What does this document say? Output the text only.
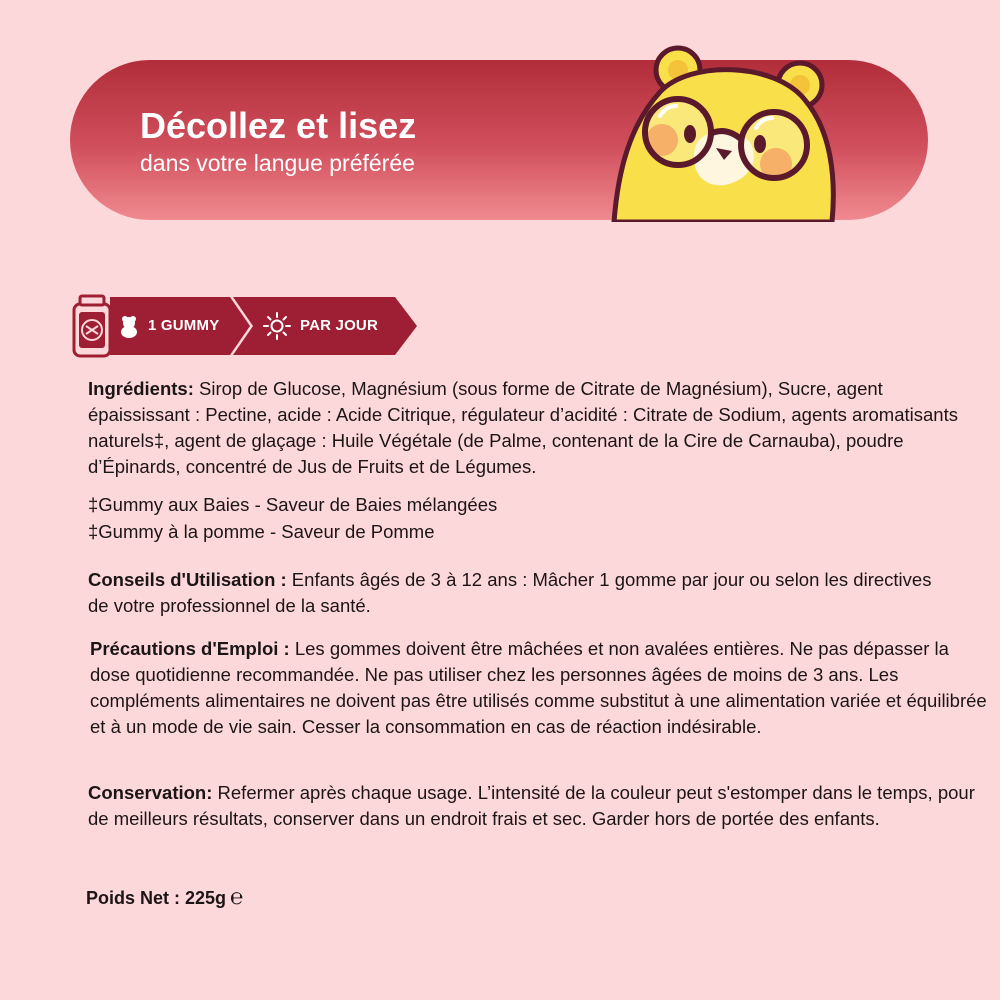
Décollez et lisez
dans votre langue préférée
1 GUMMY	PAR JOUR
Ingrédients: Sirop de Glucose, Magnésium (sous forme de Citrate de Magnésium), Sucre, agent épaississant : Pectine, acide : Acide Citrique, régulateur d’acidité : Citrate de Sodium, agents aromatisants naturels‡, agent de glaçage : Huile Végétale (de Palme, contenant de la Cire de Carnauba), poudre d’Épinards, concentré de Jus de Fruits et de Légumes.
‡Gummy aux Baies - Saveur de Baies mélangées
‡Gummy à la pomme - Saveur de Pomme
Conseils d'Utilisation : Enfants âgés de 3 à 12 ans : Mâcher 1 gomme par jour ou selon les directives de votre professionnel de la santé.
Précautions d'Emploi : Les gommes doivent être mâchées et non avalées entières. Ne pas dépasser la dose quotidienne recommandée. Ne pas utiliser chez les personnes âgées de moins de 3 ans. Les compléments alimentaires ne doivent pas être utilisés comme substitut à une alimentation variée et équilibrée et à un mode de vie sain. Cesser la consommation en cas de réaction indésirable.
Conservation: Refermer après chaque usage. L’intensité de la couleur peut s'estomper dans le temps, pour de meilleurs résultats, conserver dans un endroit frais et sec. Garder hors de portée des enfants.
Poids Net : 225g ℮
